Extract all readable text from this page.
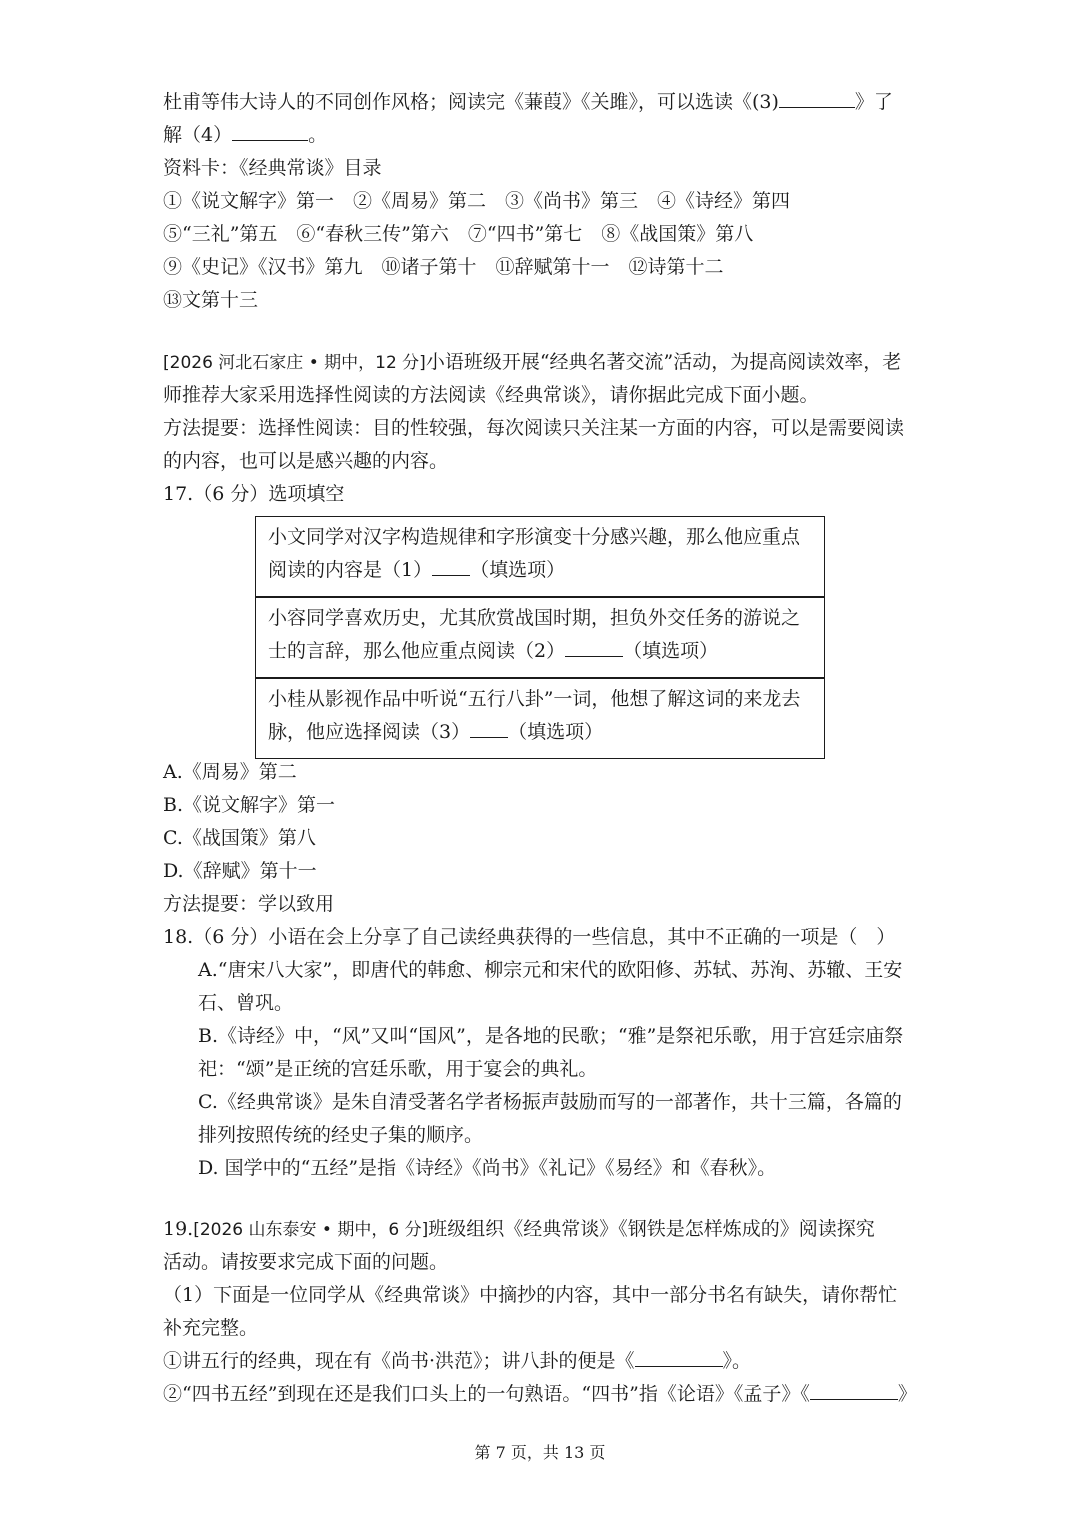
杜甫等伟大诗人的不同创作风格；阅读完《蒹葭》《关雎》，可以选读《(3)	》了
解（4）	。
资料卡：《经典常谈》目录
①《说文解字》第一　②《周易》第二　③《尚书》第三　④《诗经》第四
⑤“三礼”第五　⑥“春秋三传”第六　⑦“四书”第七　⑧《战国策》第八
⑨《史记》《汉书》第九　⑩诸子第十　⑪辞赋第十一　⑫诗第十二
⑬文第十三
[2026 河北石家庄 • 期中，12 分]小语班级开展“经典名著交流”活动，为提高阅读效率，老
师推荐大家采用选择性阅读的方法阅读《经典常谈》，请你据此完成下面小题。
方法提要：选择性阅读：目的性较强，每次阅读只关注某一方面的内容，可以是需要阅读
的内容，也可以是感兴趣的内容。
17.（6 分）选项填空
小文同学对汉字构造规律和字形演变十分感兴趣，那么他应重点
阅读的内容是（1） （填选项）
小容同学喜欢历史，尤其欣赏战国时期，担负外交任务的游说之
士的言辞，那么他应重点阅读（2）	（填选项）
小桂从影视作品中听说“五行八卦”一词，他想了解这词的来龙去
脉，他应选择阅读（3） （填选项）
A.《周易》第二
B.《说文解字》第一
C.《战国策》第八
D.《辞赋》第十一
方法提要：学以致用
18.（6 分）小语在会上分享了自己读经典获得的一些信息，其中不正确的一项是（　）
A.“唐宋八大家”，即唐代的韩愈、柳宗元和宋代的欧阳修、苏轼、苏洵、苏辙、王安
石、曾巩。
B.《诗经》中，“风”又叫“国风”，是各地的民歌；“雅”是祭祀乐歌，用于宫廷宗庙祭
祀：“颂”是正统的宫廷乐歌，用于宴会的典礼。
C.《经典常谈》是朱自清受著名学者杨振声鼓励而写的一部著作，共十三篇，各篇的
排列按照传统的经史子集的顺序。
D. 国学中的“五经”是指《诗经》《尚书》《礼记》《易经》和《春秋》。
19.[2026 山东泰安 • 期中，6 分]班级组织《经典常谈》《钢铁是怎样炼成的》阅读探究
活动。请按要求完成下面的问题。
（1）下面是一位同学从《经典常谈》中摘抄的内容，其中一部分书名有缺失，请你帮忙
补充完整。
①讲五行的经典，现在有《尚书·洪范》；讲八卦的便是《	》。
②“四书五经”到现在还是我们口头上的一句熟语。“四书”指《论语》《孟子》《	》
第 7 页，共 13 页
